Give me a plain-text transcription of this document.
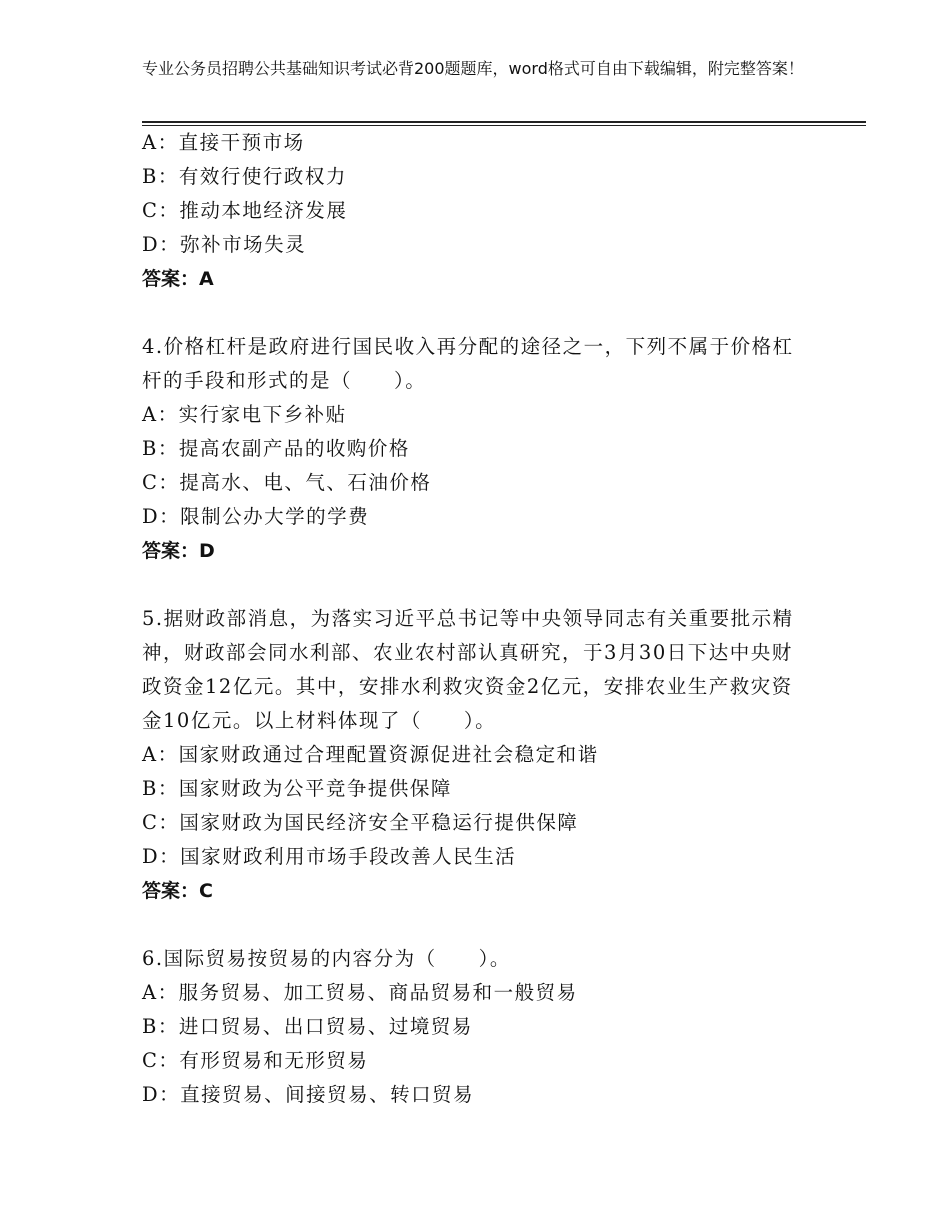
专业公务员招聘公共基础知识考试必背200题题库，word格式可自由下载编辑，附完整答案！
A：直接干预市场
B：有效行使行政权力
C：推动本地经济发展
D：弥补市场失灵
答案：A
4.价格杠杆是政府进行国民收入再分配的途径之一，下列不属于价格杠杆的手段和形式的是（　　）。
A：实行家电下乡补贴
B：提高农副产品的收购价格
C：提高水、电、气、石油价格
D：限制公办大学的学费
答案：D
5.据财政部消息，为落实习近平总书记等中央领导同志有关重要批示精神，财政部会同水利部、农业农村部认真研究，于3月30日下达中央财政资金12亿元。其中，安排水利救灾资金2亿元，安排农业生产救灾资金10亿元。以上材料体现了（　　）。
A：国家财政通过合理配置资源促进社会稳定和谐
B：国家财政为公平竞争提供保障
C：国家财政为国民经济安全平稳运行提供保障
D：国家财政利用市场手段改善人民生活
答案：C
6.国际贸易按贸易的内容分为（　　）。
A：服务贸易、加工贸易、商品贸易和一般贸易
B：进口贸易、出口贸易、过境贸易
C：有形贸易和无形贸易
D：直接贸易、间接贸易、转口贸易
